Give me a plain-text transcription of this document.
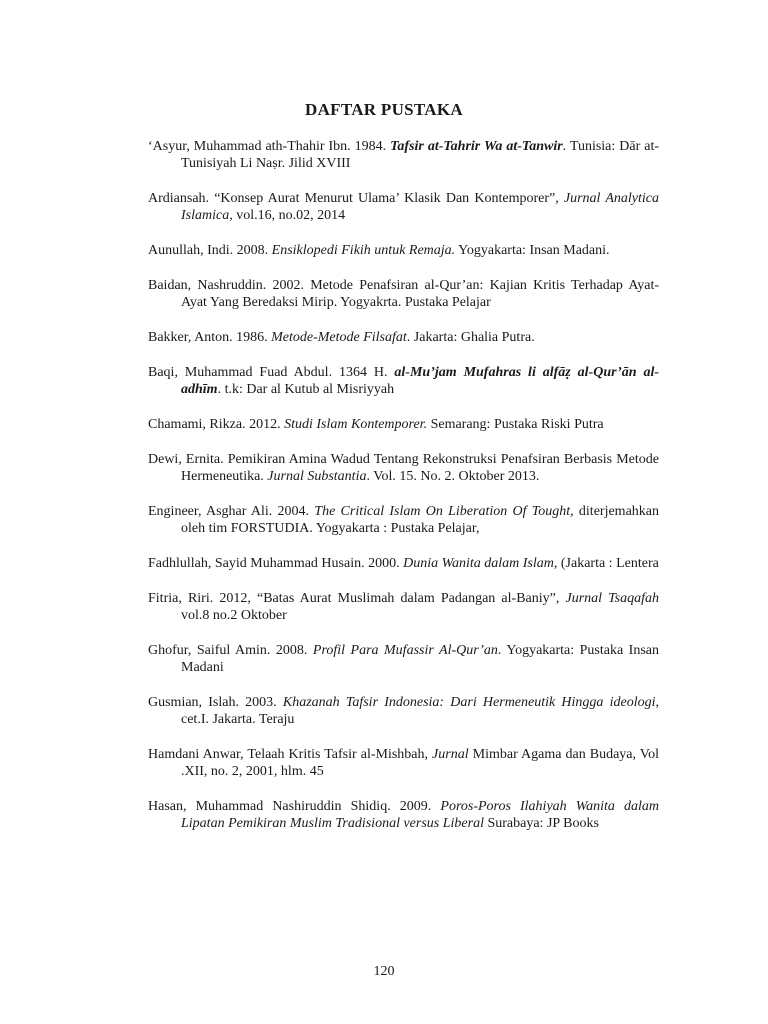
DAFTAR PUSTAKA
‘Asyur, Muhammad ath-Thahir Ibn. 1984. Tafsir at-Tahrir Wa at-Tanwir. Tunisia: Dār at-Tunisiyah Li Naṣr. Jilid XVIII
Ardiansah. “Konsep Aurat Menurut Ulama’ Klasik Dan Kontemporer”, Jurnal Analytica Islamica, vol.16, no.02, 2014
Aunullah, Indi. 2008. Ensiklopedi Fikih untuk Remaja. Yogyakarta: Insan Madani.
Baidan, Nashruddin. 2002. Metode Penafsiran al-Qur’an: Kajian Kritis Terhadap Ayat-Ayat Yang Beredaksi Mirip. Yogyakrta. Pustaka Pelajar
Bakker, Anton. 1986. Metode-Metode Filsafat. Jakarta: Ghalia Putra.
Baqi, Muhammad Fuad Abdul. 1364 H. al-Mu’jam Mufahras li alfāẓ al-Qur’ān al-adhīm. t.k: Dar al Kutub al Misriyyah
Chamami, Rikza. 2012. Studi Islam Kontemporer. Semarang: Pustaka Riski Putra
Dewi, Ernita. Pemikiran Amina Wadud Tentang Rekonstruksi Penafsiran Berbasis Metode Hermeneutika. Jurnal Substantia. Vol. 15. No. 2. Oktober 2013.
Engineer, Asghar Ali. 2004. The Critical Islam On Liberation Of Tought, diterjemahkan oleh tim FORSTUDIA. Yogyakarta : Pustaka Pelajar,
Fadhlullah, Sayid Muhammad Husain. 2000. Dunia Wanita dalam Islam, (Jakarta : Lentera
Fitria, Riri. 2012, “Batas Aurat Muslimah dalam Padangan al-Baniy”, Jurnal Tsaqafah vol.8 no.2 Oktober
Ghofur, Saiful Amin. 2008. Profil Para Mufassir Al-Qur’an. Yogyakarta: Pustaka Insan Madani
Gusmian, Islah. 2003. Khazanah Tafsir Indonesia: Dari Hermeneutik Hingga ideologi, cet.I. Jakarta. Teraju
Hamdani Anwar, Telaah Kritis Tafsir al-Mishbah, Jurnal Mimbar Agama dan Budaya, Vol .XII, no. 2, 2001, hlm. 45
Hasan, Muhammad Nashiruddin Shidiq. 2009. Poros-Poros Ilahiyah Wanita dalam Lipatan Pemikiran Muslim Tradisional versus Liberal Surabaya: JP Books

120
